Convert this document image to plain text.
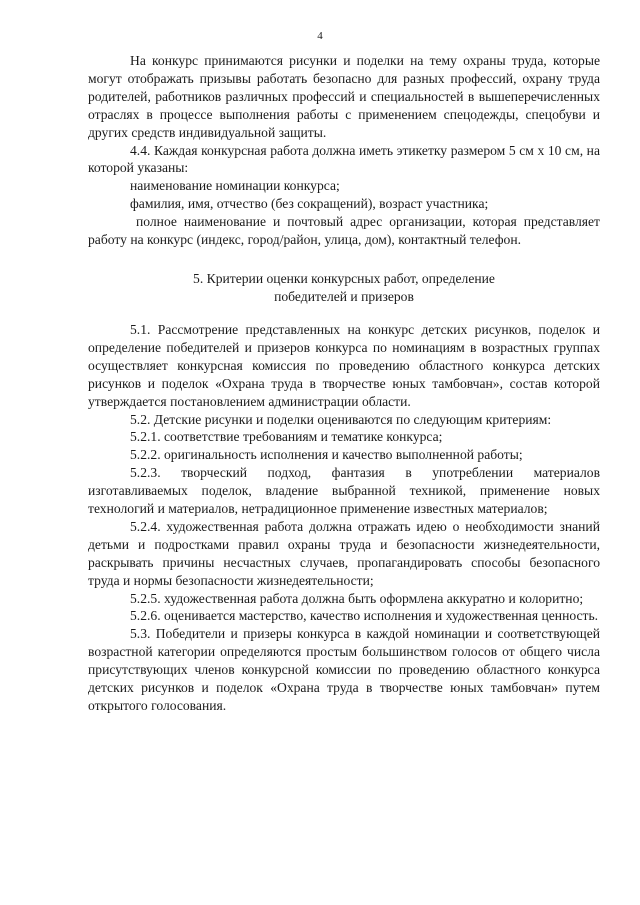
4

На конкурс принимаются рисунки и поделки на тему охраны труда, которые могут отображать призывы работать безопасно для разных профессий, охрану труда родителей, работников различных профессий и специальностей в вышеперечисленных отраслях в процессе выполнения работы с применением спецодежды, спецобуви и других средств индивидуальной защиты.

4.4. Каждая конкурсная работа должна иметь этикетку размером 5 см х 10 см, на которой указаны:

наименование номинации конкурса;

фамилия, имя, отчество (без сокращений), возраст участника;

полное наименование и почтовый адрес организации, которая представляет работу на конкурс (индекс, город/район, улица, дом), контактный телефон.

5. Критерии оценки конкурсных работ, определение
победителей и призеров

5.1. Рассмотрение представленных на конкурс детских рисунков, поделок и определение победителей и призеров конкурса по номинациям в возрастных группах осуществляет конкурсная комиссия по проведению областного конкурса детских рисунков и поделок «Охрана труда в творчестве юных тамбовчан», состав которой утверждается постановлением администрации области.

5.2. Детские рисунки и поделки оцениваются по следующим критериям:

5.2.1. соответствие требованиям и тематике конкурса;

5.2.2. оригинальность исполнения и качество выполненной работы;

5.2.3. творческий подход, фантазия в употреблении материалов изготавливаемых поделок, владение выбранной техникой, применение новых технологий и материалов, нетрадиционное применение известных материалов;

5.2.4. художественная работа должна отражать идею о необходимости знаний детьми и подростками правил охраны труда и безопасности жизнедеятельности, раскрывать причины несчастных случаев, пропагандировать способы безопасного труда и нормы безопасности жизнедеятельности;

5.2.5. художественная работа должна быть оформлена аккуратно и колоритно;

5.2.6. оценивается мастерство, качество исполнения и художественная ценность.

5.3. Победители и призеры конкурса в каждой номинации и соответствующей возрастной категории определяются простым большинством голосов от общего числа присутствующих членов конкурсной комиссии по проведению областного конкурса детских рисунков и поделок «Охрана труда в творчестве юных тамбовчан» путем открытого голосования.
